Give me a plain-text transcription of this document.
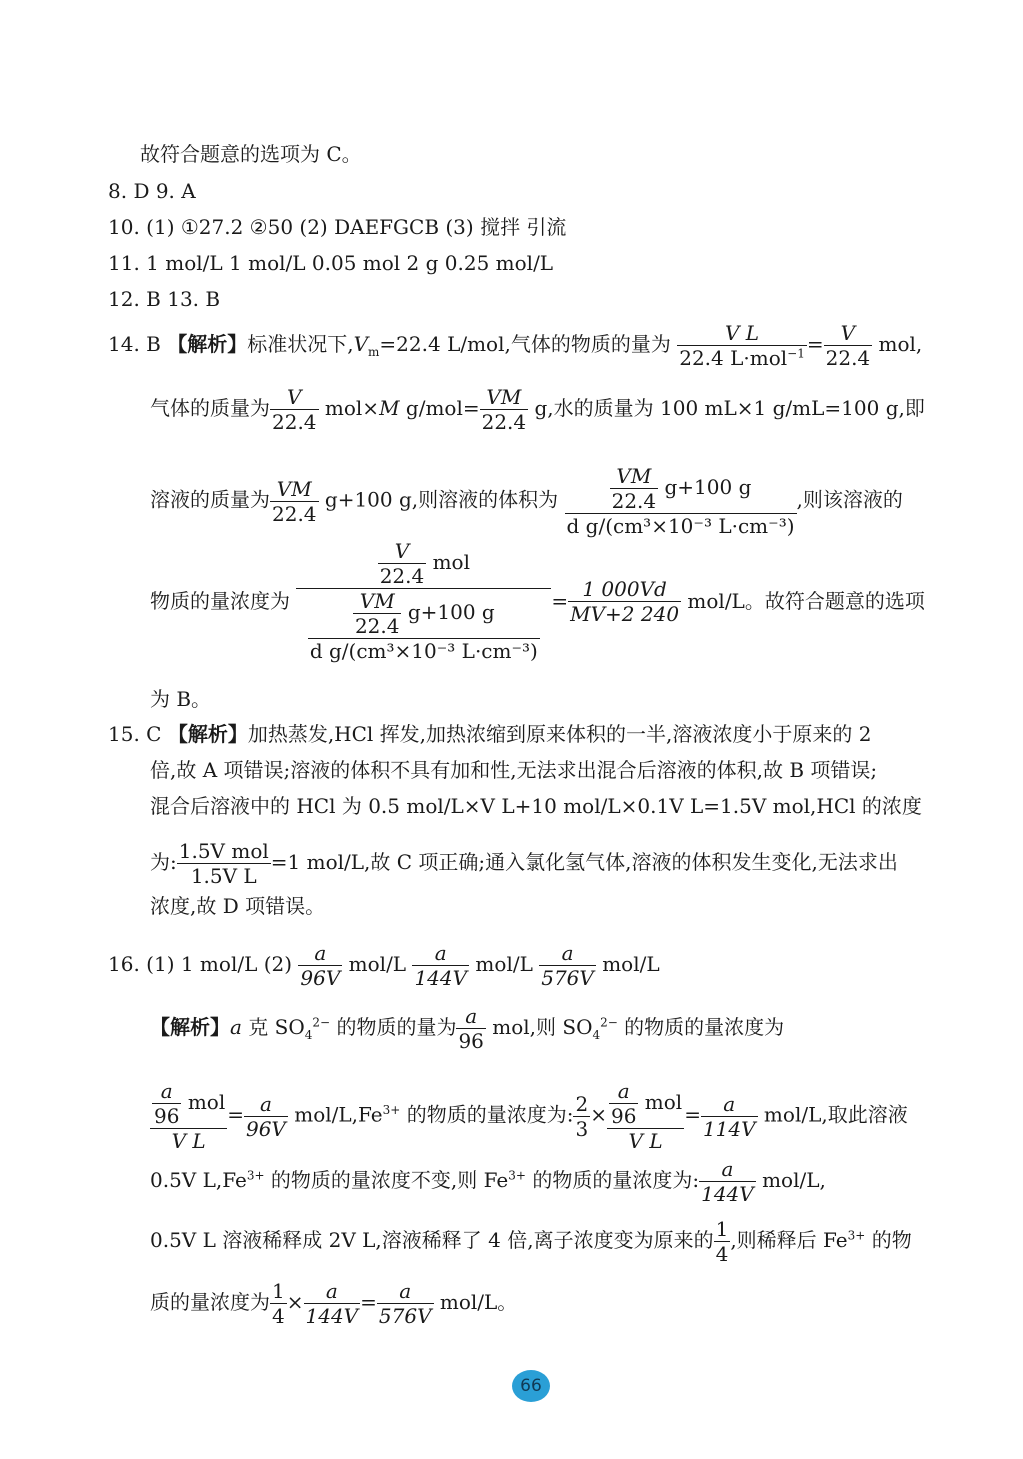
故符合题意的选项为 C。
8. D 9. A
10. (1) ①27.2 ②50 (2) DAEFGCB (3) 搅拌 引流
11. 1 mol/L 1 mol/L 0.05 mol 2 g 0.25 mol/L
12. B 13. B
14. B 【解析】标准状况下$,V_m=22.4$ L/mol,气体的物质的量为 $\frac{\text{V L}}{22.4 L\cdot mol^{-1}} = \frac{V}{22.4}$ mol,
气体的质量为 $\frac{V}{22.4} mol\times M$ $g/mol= \frac{VM}{22.4} g$,水的质量为 100 mL×1 g/mL=100 g,即
溶液的质量为 $\frac{VM}{22.4} g+100$ g,则溶液的体积为 $\frac{\frac{VM}{22.4} g+100 g}{\text{d g/(cm³×10⁻³ L·cm⁻³)}}$ ,则该溶液的
物质的量浓度为 $\frac{\frac{V}{22.4} mol}{\frac{\frac{VM}{22.4} g+100 g}{\text{d g/(cm³×10⁻³ L·cm⁻³)}}} = \frac{1 000Vd}{MV+2 240} mol/L$。故符合题意的选项
为 B。
15. C 【解析】加热蒸发,HCl 挥发,加热浓缩到原来体积的一半,溶液浓度小于原来的 2
倍,故 A 项错误;溶液的体积不具有加和性,无法求出混合后溶液的体积,故 B 项错误;
混合后溶液中的 HCl 为 0.5 mol/L×V L+10 mol/L×0.1V L=1.5V mol,HCl 的浓度
为: $\frac{\text{1.5V mol}}{\text{1.5V L}} =1$ mol/L,故 C 项正确;通入氯化氢气体,溶液的体积发生变化,无法求出
浓度,故 D 项错误。
16. (1) 1 mol/L $(2) \frac{a}{96V} mol/L \frac{a}{144V} mol/L \frac{a}{576V} mol/L$
【解析】a 克 $SO_4^{2-}$ 的物质的量为 $\frac{a}{96}$ mol,则 $SO_4^{2-}$ 的物质的量浓度为
$\frac{\frac{a}{96} mol}{\text{V L}} = \frac{a}{96V} mol/L,Fe^{3+}$ 的物质的量浓度为: $\frac{2}{3} \times \frac{\frac{a}{96} mol}{\text{V L}} = \frac{a}{114V} mol/L$,取此溶液
0.5V $L,Fe^{3+}$ 的物质的量浓度不变,则 $Fe^{3+}$ 的物质的量浓度为: $\frac{a}{144V} mol/L$,
0.5V L 溶液稀释成 2V L,溶液稀释了 4 倍,离子浓度变为原来的 $\frac{1}{4}$ ,则稀释后 $Fe^{3+}$ 的物
质的量浓度为 $\frac{1}{4} \times \frac{a}{144V} = \frac{a}{576V} mol/L$。
66
